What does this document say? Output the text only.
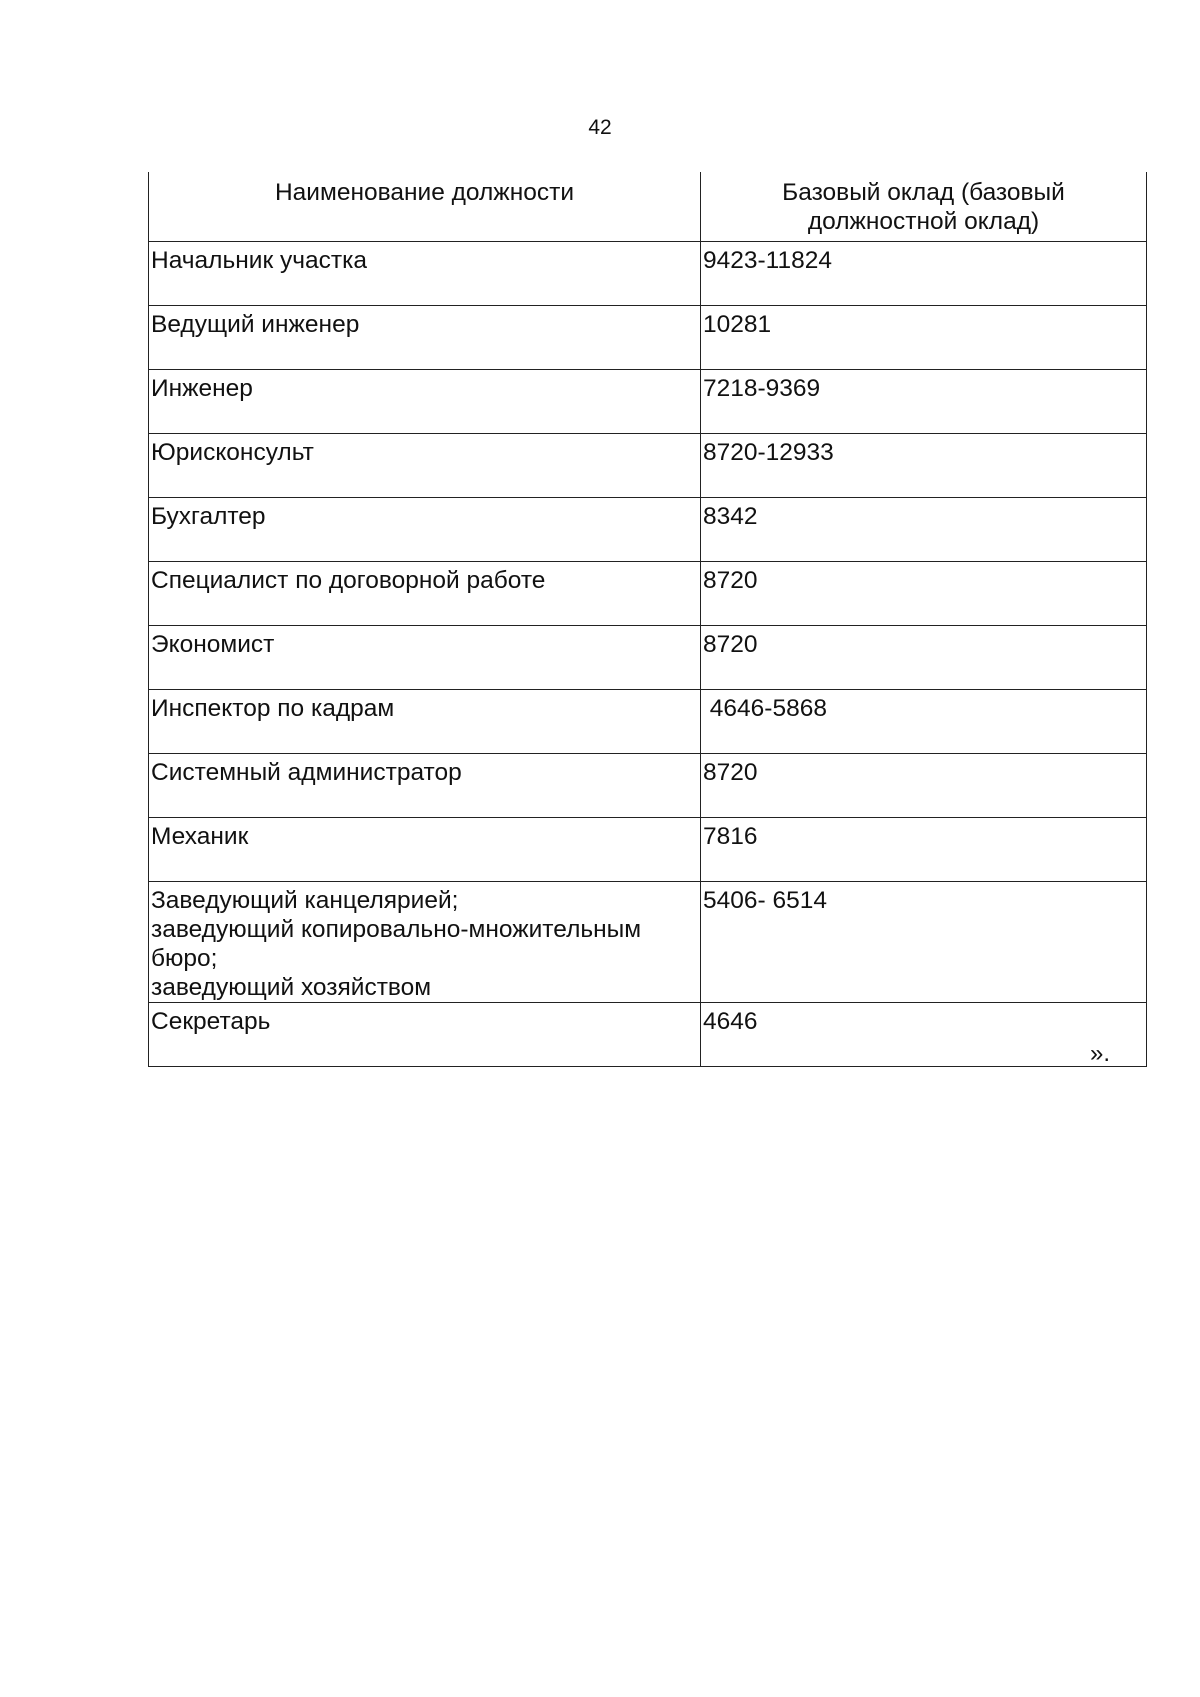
42
Наименование должности	Базовый оклад (базовый должностной оклад)
Начальник участка	9423-11824
Ведущий инженер	10281
Инженер	7218-9369
Юрисконсульт	8720-12933
Бухгалтер	8342
Специалист по договорной работе	8720
Экономист	8720
Инспектор по кадрам	4646-5868
Системный администратор	8720
Механик	7816
Заведующий канцелярией;
заведующий копировально-множительным бюро;
заведующий хозяйством	5406- 6514
Секретарь	4646
».
